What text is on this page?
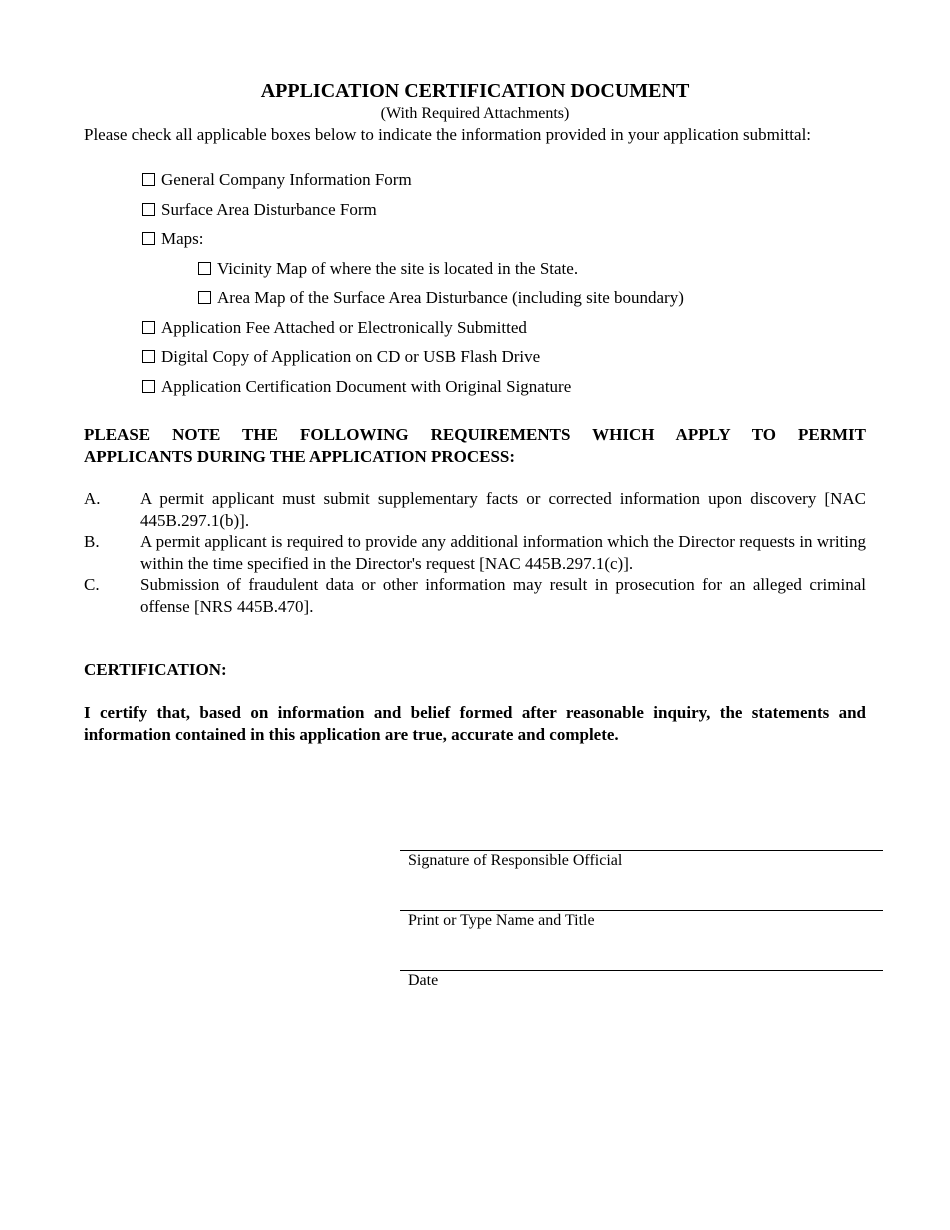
APPLICATION CERTIFICATION DOCUMENT
(With Required Attachments)
Please check all applicable boxes below to indicate the information provided in your application submittal:
General Company Information Form
Surface Area Disturbance Form
Maps:
Vicinity Map of where the site is located in the State.
Area Map of the Surface Area Disturbance (including site boundary)
Application Fee Attached or Electronically Submitted
Digital Copy of Application on CD or USB Flash Drive
Application Certification Document with Original Signature
PLEASE NOTE THE FOLLOWING REQUIREMENTS WHICH APPLY TO PERMIT
APPLICANTS DURING THE APPLICATION PROCESS:
A. A permit applicant must submit supplementary facts or corrected information upon discovery [NAC 445B.297.1(b)].
B. A permit applicant is required to provide any additional information which the Director requests in writing within the time specified in the Director's request [NAC 445B.297.1(c)].
C. Submission of fraudulent data or other information may result in prosecution for an alleged criminal offense [NRS 445B.470].
CERTIFICATION:
I certify that, based on information and belief formed after reasonable inquiry, the statements and information contained in this application are true, accurate and complete.
Signature of Responsible Official
Print or Type Name and Title
Date
